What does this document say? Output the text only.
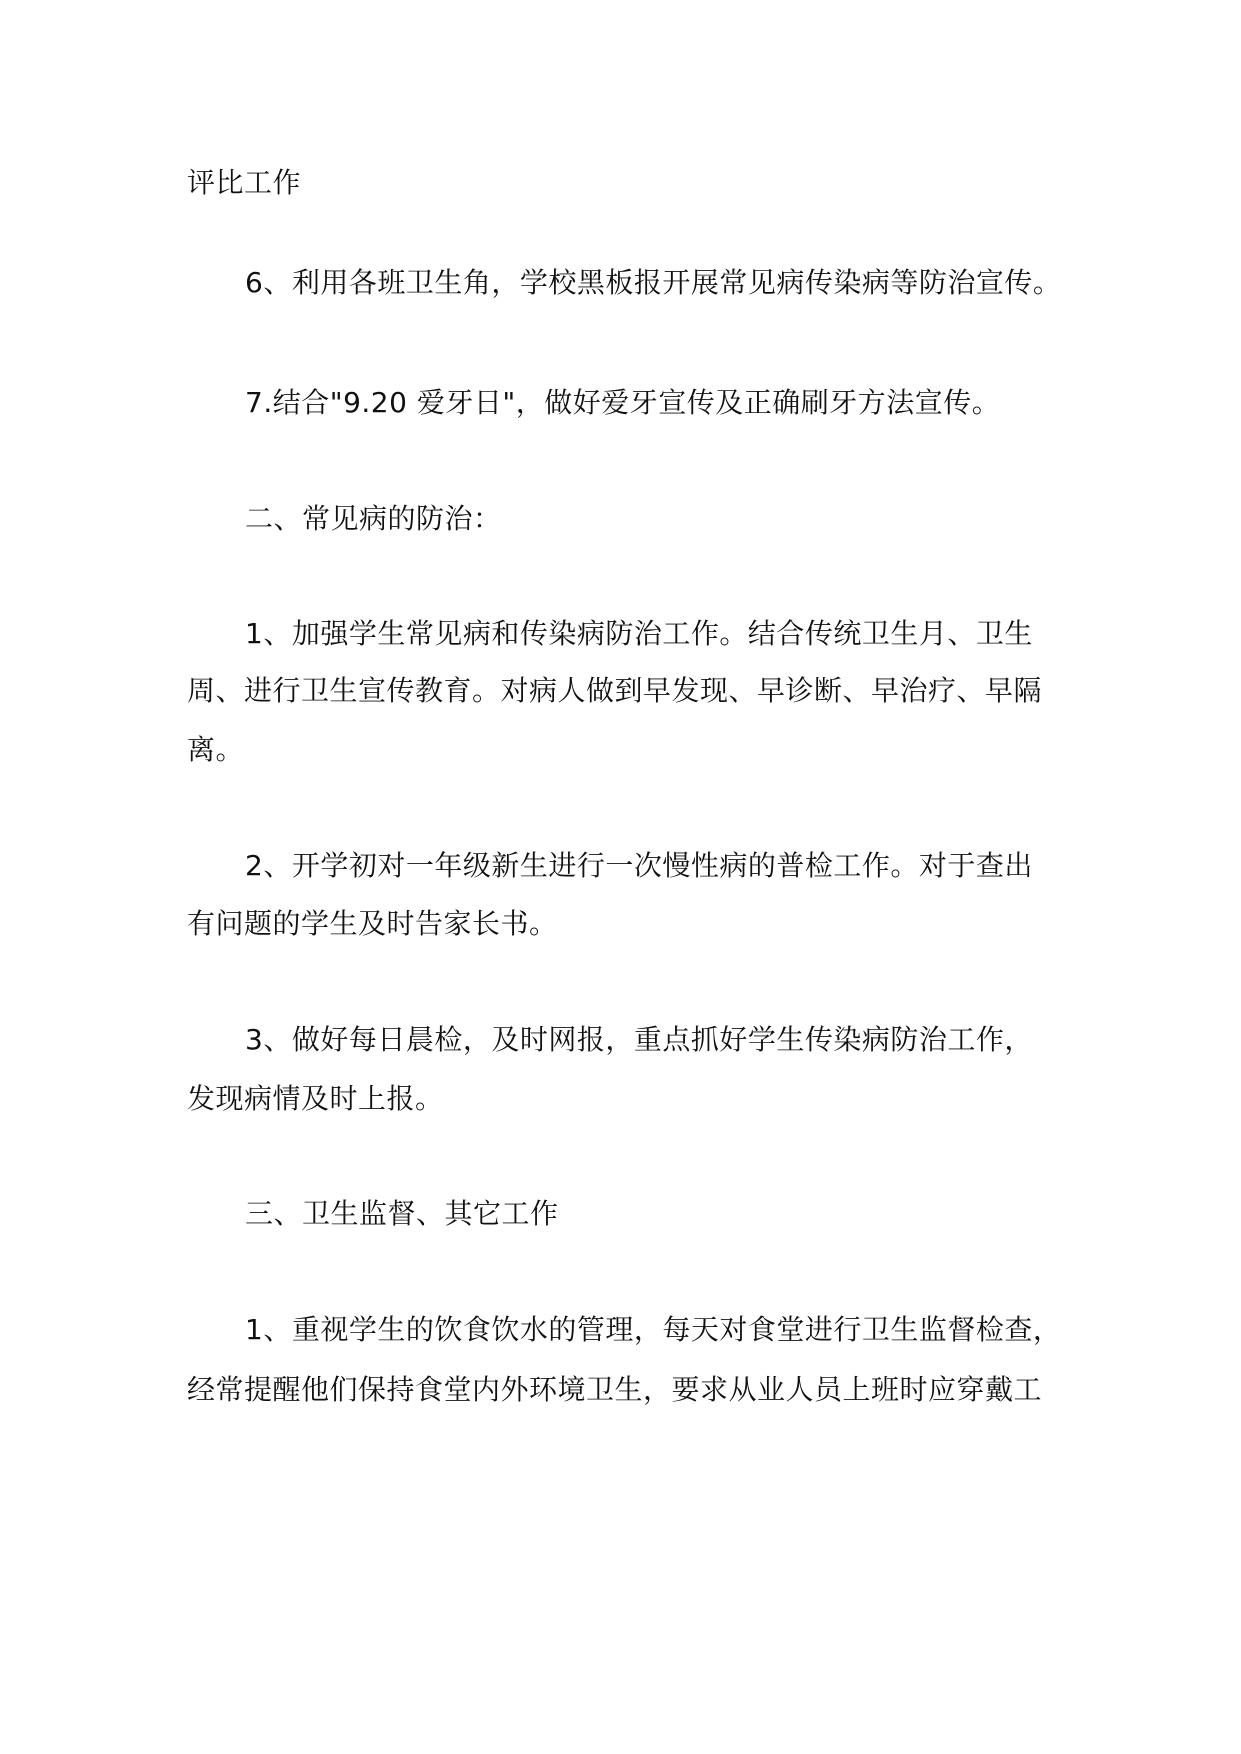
评比工作
6、利用各班卫生角，学校黑板报开展常见病传染病等防治宣传。
7.结合"9.20 爱牙日"，做好爱牙宣传及正确刷牙方法宣传。
二、常见病的防治：
1、加强学生常见病和传染病防治工作。结合传统卫生月、卫生
周、进行卫生宣传教育。对病人做到早发现、早诊断、早治疗、早隔
离。
2、开学初对一年级新生进行一次慢性病的普检工作。对于查出
有问题的学生及时告家长书。
3、做好每日晨检，及时网报，重点抓好学生传染病防治工作，
发现病情及时上报。
三、卫生监督、其它工作
1、重视学生的饮食饮水的管理，每天对食堂进行卫生监督检查，
经常提醒他们保持食堂内外环境卫生，要求从业人员上班时应穿戴工
